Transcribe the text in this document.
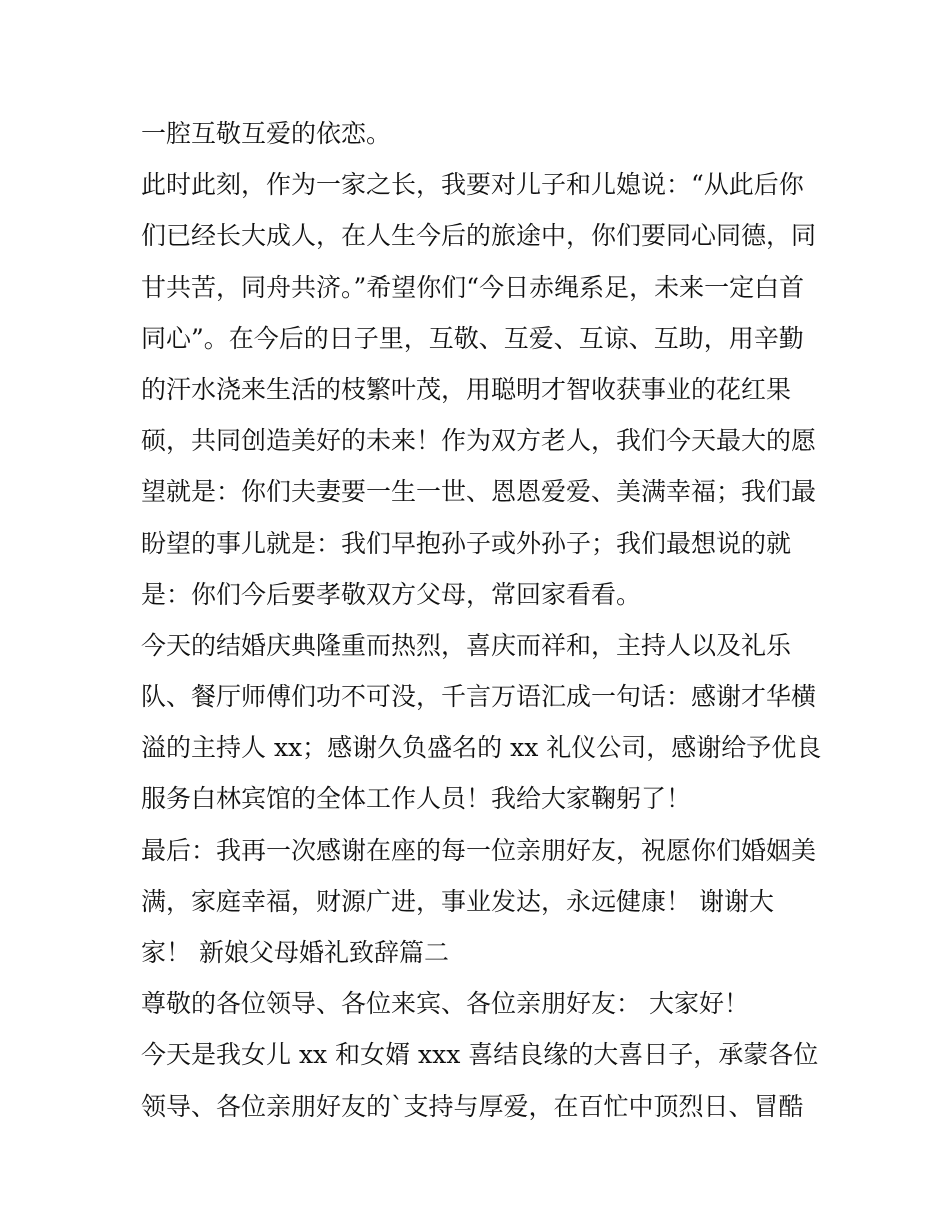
一腔互敬互爱的依恋。
此时此刻，作为一家之长，我要对儿子和儿媳说：“从此后你
们已经长大成人，在人生今后的旅途中，你们要同心同德，同
甘共苦，同舟共济。”希望你们“今日赤绳系足，未来一定白首
同心”。在今后的日子里，互敬、互爱、互谅、互助，用辛勤
的汗水浇来生活的枝繁叶茂，用聪明才智收获事业的花红果
硕，共同创造美好的未来！作为双方老人，我们今天最大的愿
望就是：你们夫妻要一生一世、恩恩爱爱、美满幸福；我们最
盼望的事儿就是：我们早抱孙子或外孙子；我们最想说的就
是：你们今后要孝敬双方父母，常回家看看。
今天的结婚庆典隆重而热烈，喜庆而祥和，主持人以及礼乐
队、餐厅师傅们功不可没，千言万语汇成一句话：感谢才华横
溢的主持人 xx；感谢久负盛名的 xx 礼仪公司，感谢给予优良
服务白林宾馆的全体工作人员！我给大家鞠躬了！
最后：我再一次感谢在座的每一位亲朋好友，祝愿你们婚姻美
满，家庭幸福，财源广进，事业发达，永远健康！ 谢谢大
家！ 新娘父母婚礼致辞篇二
尊敬的各位领导、各位来宾、各位亲朋好友： 大家好！
今天是我女儿 xx 和女婿 xxx 喜结良缘的大喜日子，承蒙各位
领导、各位亲朋好友的`支持与厚爱，在百忙中顶烈日、冒酷
